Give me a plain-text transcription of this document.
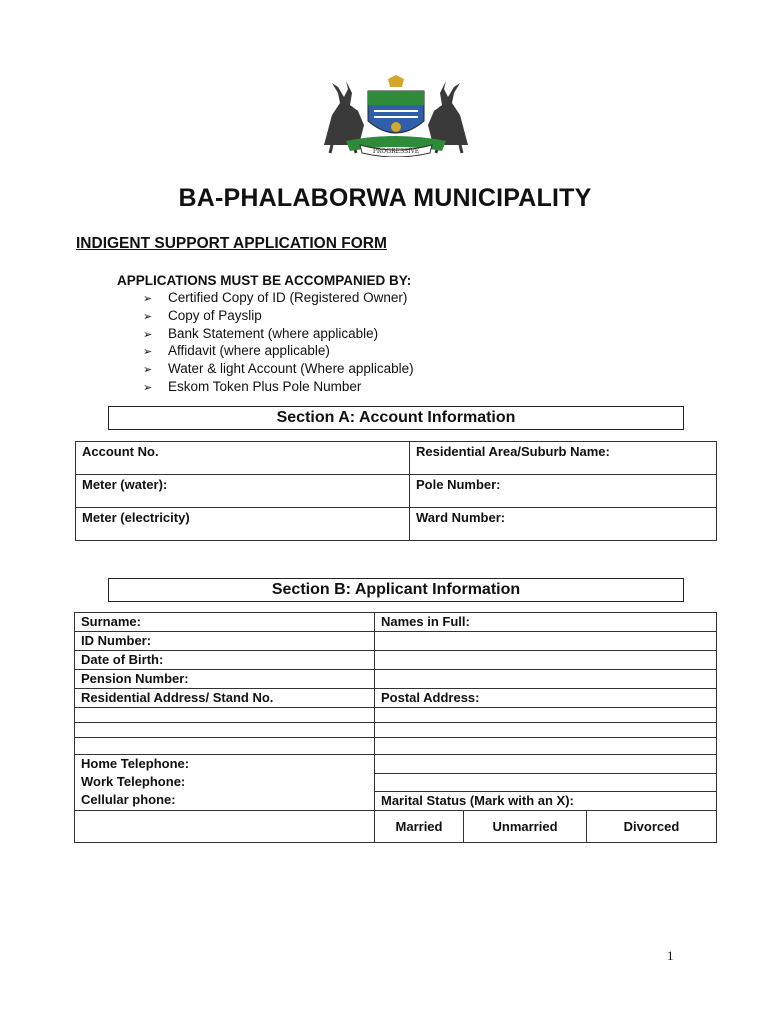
PROGRESSIVE
BA-PHALABORWA MUNICIPALITY
INDIGENT SUPPORT APPLICATION FORM
APPLICATIONS MUST BE ACCOMPANIED BY:
➢ Certified Copy of ID (Registered Owner)
➢ Copy of Payslip
➢ Bank Statement (where applicable)
➢ Affidavit (where applicable)
➢ Water & light Account (Where applicable)
➢ Eskom Token Plus Pole Number
Section A: Account Information
Account No.	Residential Area/Suburb Name:
Meter (water):	Pole Number:
Meter (electricity)	Ward Number:
Section B: Applicant Information
Surname:	Names in Full:
ID Number:	
Date of Birth:	
Pension Number:	
Residential Address/ Stand No.	Postal Address:

Home Telephone:	
Work Telephone:	
Cellular phone:	Marital Status (Mark with an X):

	Married Unmarried Divorced
1
